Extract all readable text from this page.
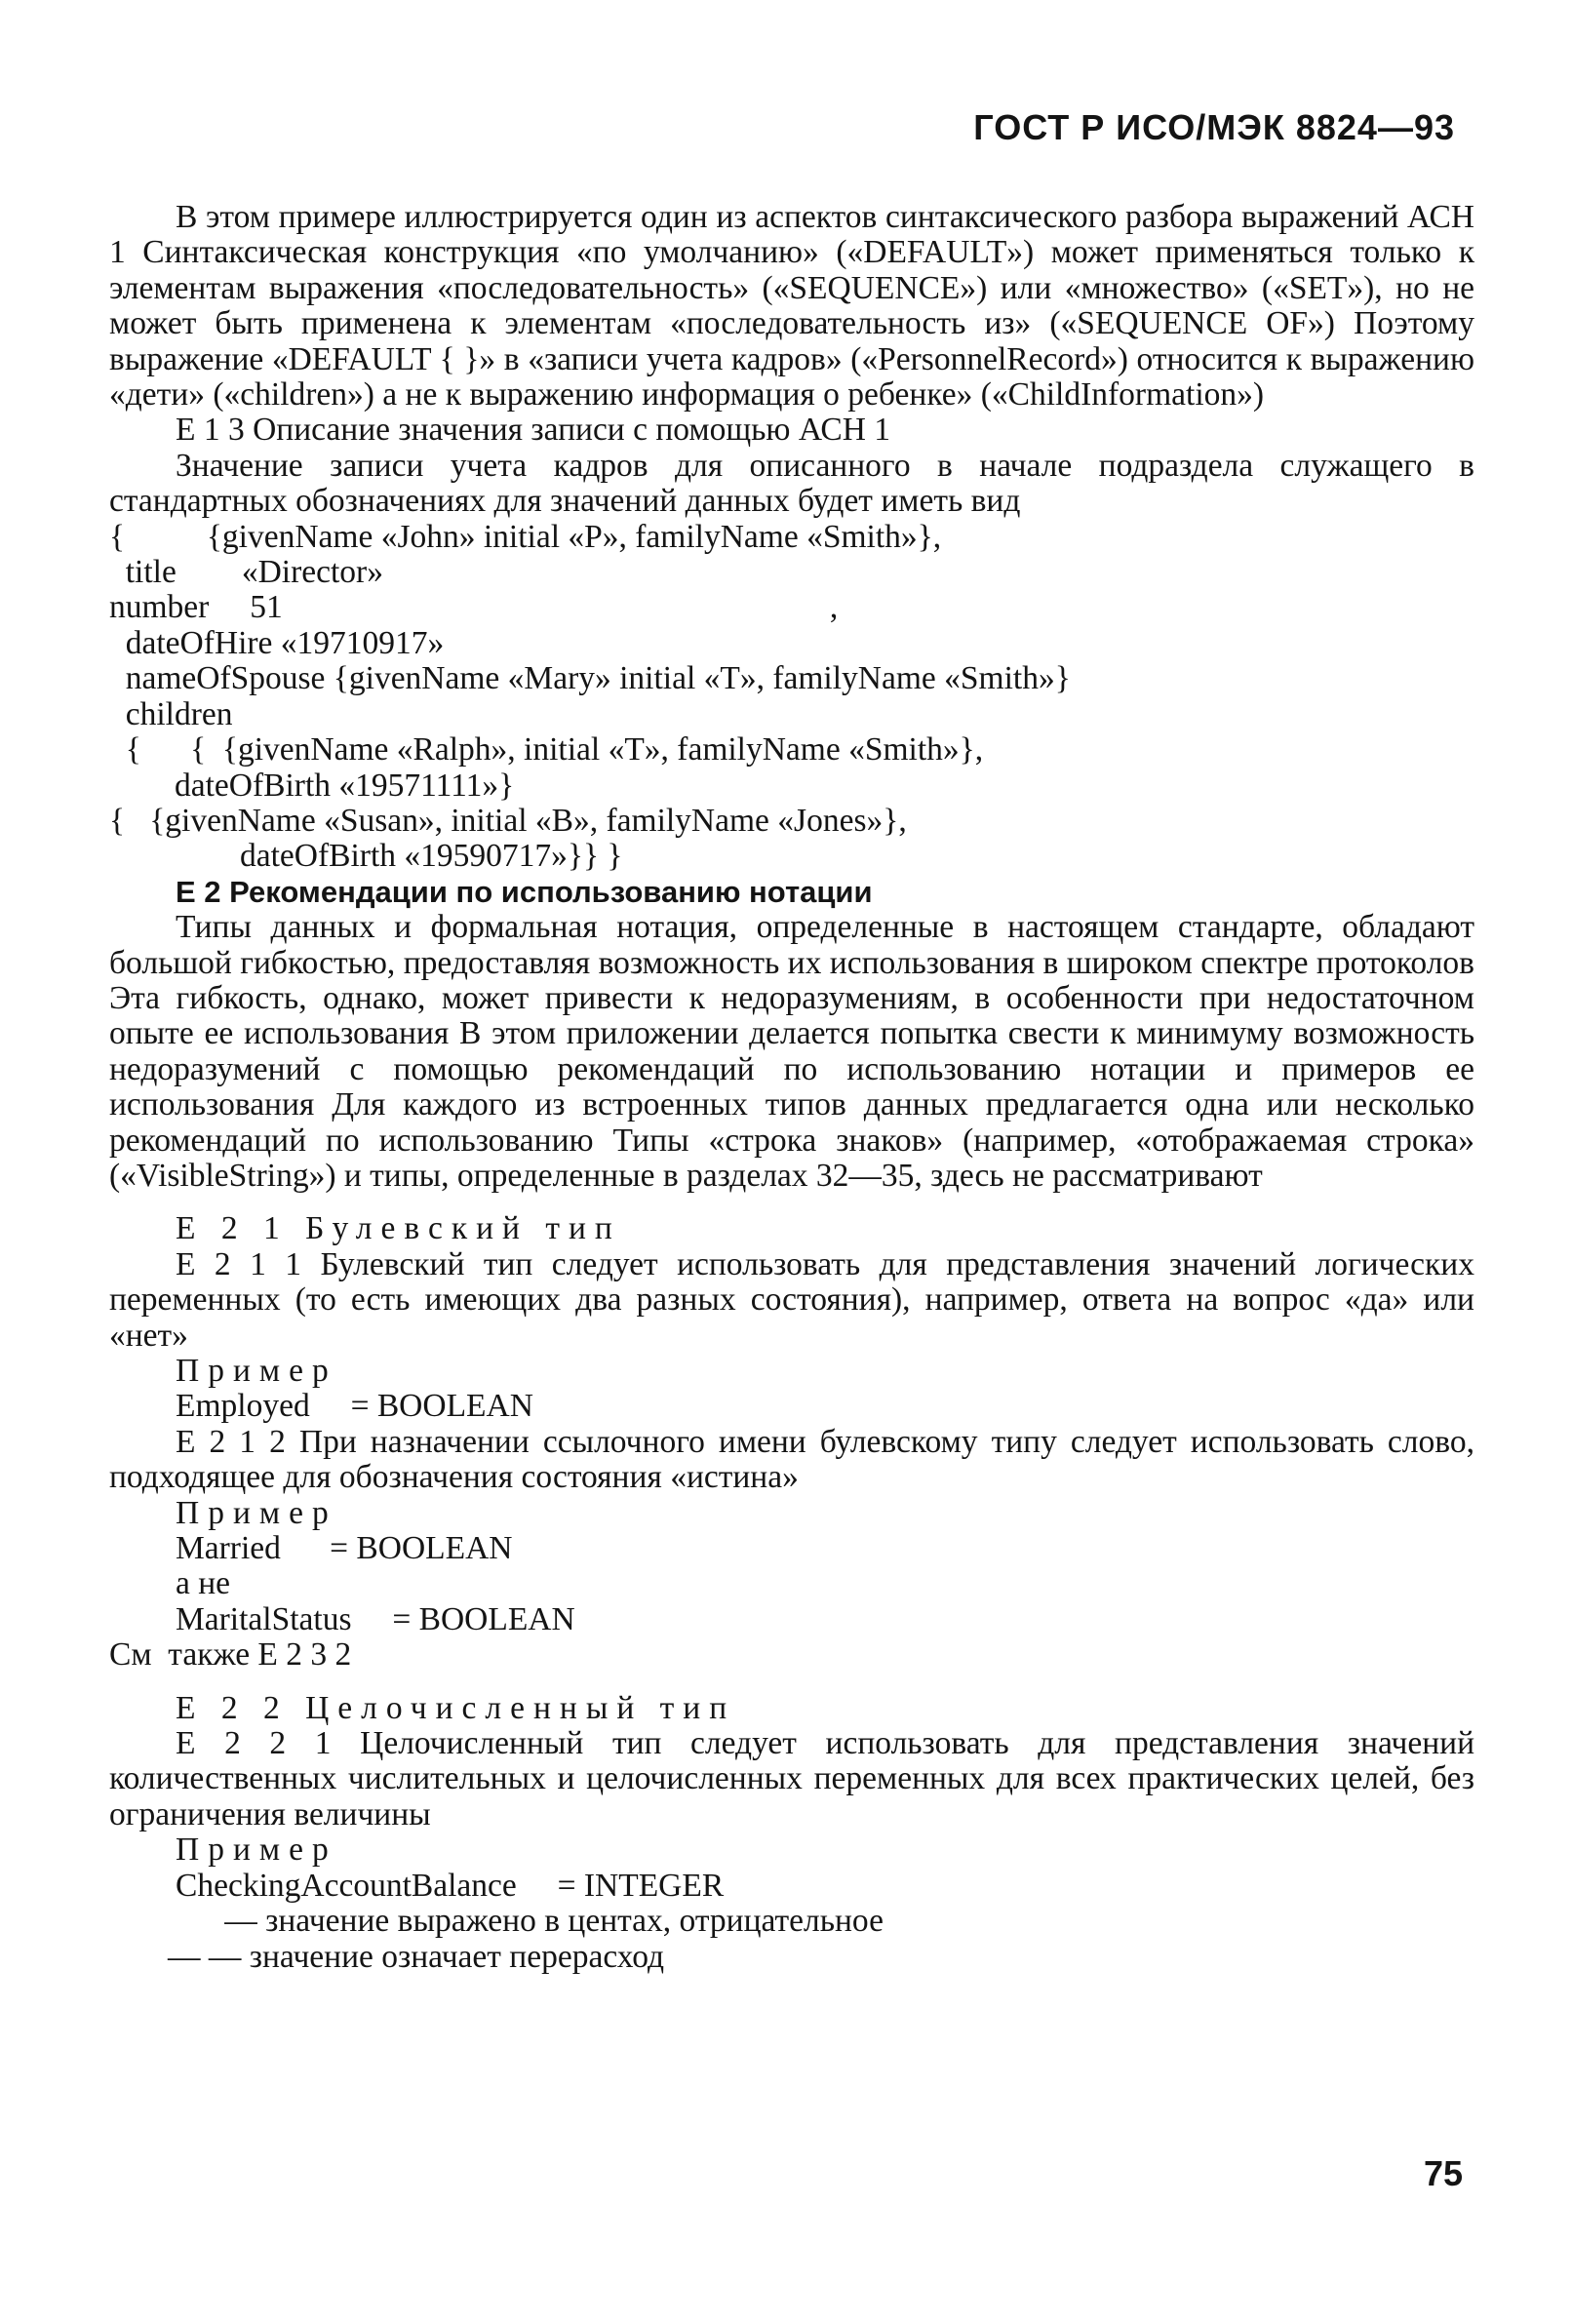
ГОСТ Р ИСО/МЭК 8824—93

В этом примере иллюстрируется один из аспектов синтаксического разбора выражений АСН 1 Синтаксическая конструкция «по умолчанию» («DEFAULT») может применяться только к элементам выражения «последовательность» («SEQUENCE») или «множество» («SET»), но не может быть применена к элементам «последовательность из» («SEQUENCE OF») Поэтому выражение «DEFAULT { }» в «записи учета кадров» («PersonnelRecord») относится к выражению «дети» («children») а не к выражению информация о ребенке» («ChildInformation»)

Е 1 3 Описание значения записи с помощью АСН 1

Значение записи учета кадров для описанного в начале подраздела служащего в стандартных обозначениях для значений данных будет иметь вид

{          {givenName «John» initial «P», familyName «Smith»},

title        «Director»

number     51                                                                   ,

dateOfHire «19710917»

nameOfSpouse {givenName «Mary» initial «T», familyName «Smith»}

children

{      {  {givenName «Ralph», initial «T», familyName «Smith»},

dateOfBirth «19571111»}

{   {givenName «Susan», initial «B», familyName «Jones»},

dateOfBirth «19590717»}} }

Е 2 Рекомендации по использованию нотации

Типы данных и формальная нотация, определенные в настоящем стандарте, обладают большой гибкостью, предоставляя возможность их использования в широком спектре протоколов Эта гибкость, однако, может привести к недоразумениям, в особенности при недостаточном опыте ее использования В этом приложении делается попытка свести к минимуму возможность недоразумений с помощью рекомендаций по использованию нотации и примеров ее использования Для каждого из встроенных типов данных предлагается одна или несколько рекомендаций по использованию Типы «строка знаков» (например, «отображаемая строка» («VisibleString») и типы, определенные в разделах 32—35, здесь не рассматривают

Е 2 1 Булевский тип

Е 2 1 1 Булевский тип следует использовать для представления значений логических переменных (то есть имеющих два разных состояния), например, ответа на вопрос «да» или «нет»

Пример

Employed     = BOOLEAN

Е 2 1 2 При назначении ссылочного имени булевскому типу следует использовать слово, подходящее для обозначения состояния «истина»

Пример

Married      = BOOLEAN

а не

MaritalStatus     = BOOLEAN

См  также Е 2 3 2

Е 2 2 Целочисленный тип

Е 2 2 1 Целочисленный тип следует использовать для представления значений количественных числительных и целочисленных переменных для всех практических целей, без ограничения величины

Пример

CheckingAccountBalance     = INTEGER

— значение выражено в центах, отрицательное

— — значение означает перерасход

75
